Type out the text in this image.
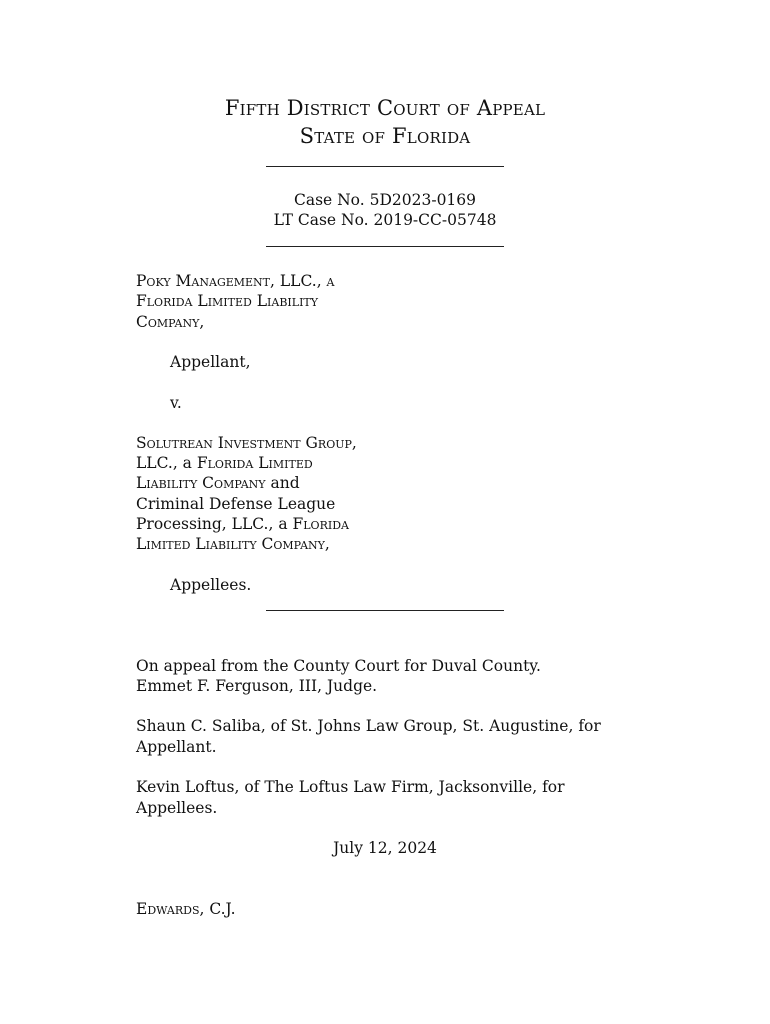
Fifth District Court of Appeal
State of Florida
Case No. 5D2023-0169
LT Case No. 2019-CC-05748
Poky Management, LLC., a
Florida Limited Liability
Company,
Appellant,
v.
Solutrean Investment Group,
LLC., a Florida Limited
Liability Company and
Criminal Defense League
Processing, LLC., a Florida
Limited Liability Company,
Appellees.
On appeal from the County Court for Duval County.
Emmet F. Ferguson, III, Judge.
Shaun C. Saliba, of St. Johns Law Group, St. Augustine, for
Appellant.
Kevin Loftus, of The Loftus Law Firm, Jacksonville, for
Appellees.
July 12, 2024
Edwards, C.J.
